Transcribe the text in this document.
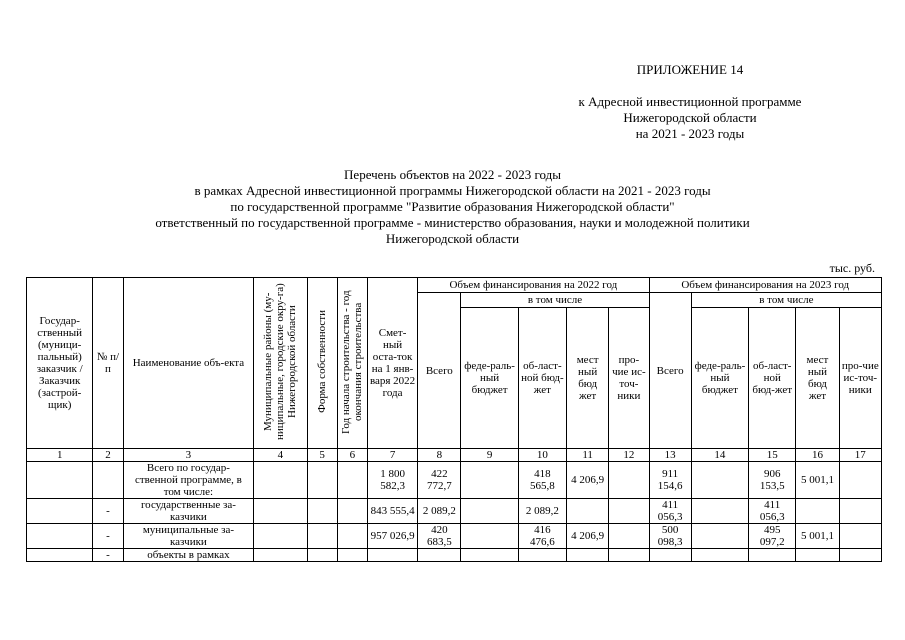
ПРИЛОЖЕНИЕ 14
к Адресной инвестиционной программе
Нижегородской области
на 2021 - 2023 годы
Перечень объектов на 2022 - 2023 годы
в рамках Адресной инвестиционной программы Нижегородской области на 2021 - 2023 годы
по государственной программе "Развитие образования Нижегородской области"
ответственный по государственной программе - министерство образования, науки и молодежной политики
Нижегородской области
тыс. руб.
Государ-ственный (муници-пальный) заказчик / Заказчик (застрой-щик)	№ п/п	Наименование объ-екта	Муниципальные районы (му-ниципальные, городские окру-га) Нижегородской области	Форма собственности	Год начала строительства - год окончания строительства	Смет-ный оста-ток на 1 янв-варя 2022 года	Объем финансирования на 2022 год					Объем финансирования на 2023 год				
							Всего	в том числе				Всего	в том числе			
								феде-раль-ный бюджет	об-ласт-ной бюд-жет	мест ный бюд жет	про-чие ис-точ-ники		феде-раль-ный бюджет	об-ласт-ной бюд-жет	мест ный бюд жет	про-чие ис-точ-ники
1	2	3	4	5	6	7	8	9	10	11	12	13	14	15	16	17
		Всего по государ-ственной программе, в том числе:				1 800 582,3	422 772,7		418 565,8	4 206,9		911 154,6		906 153,5	5 001,1	
	-	государственные за-казчики				843 555,4	2 089,2		2 089,2			411 056,3		411 056,3		
	-	муниципальные за-казчики				957 026,9	420 683,5		416 476,6	4 206,9		500 098,3		495 097,2	5 001,1	
	-	объекты в рамках														
